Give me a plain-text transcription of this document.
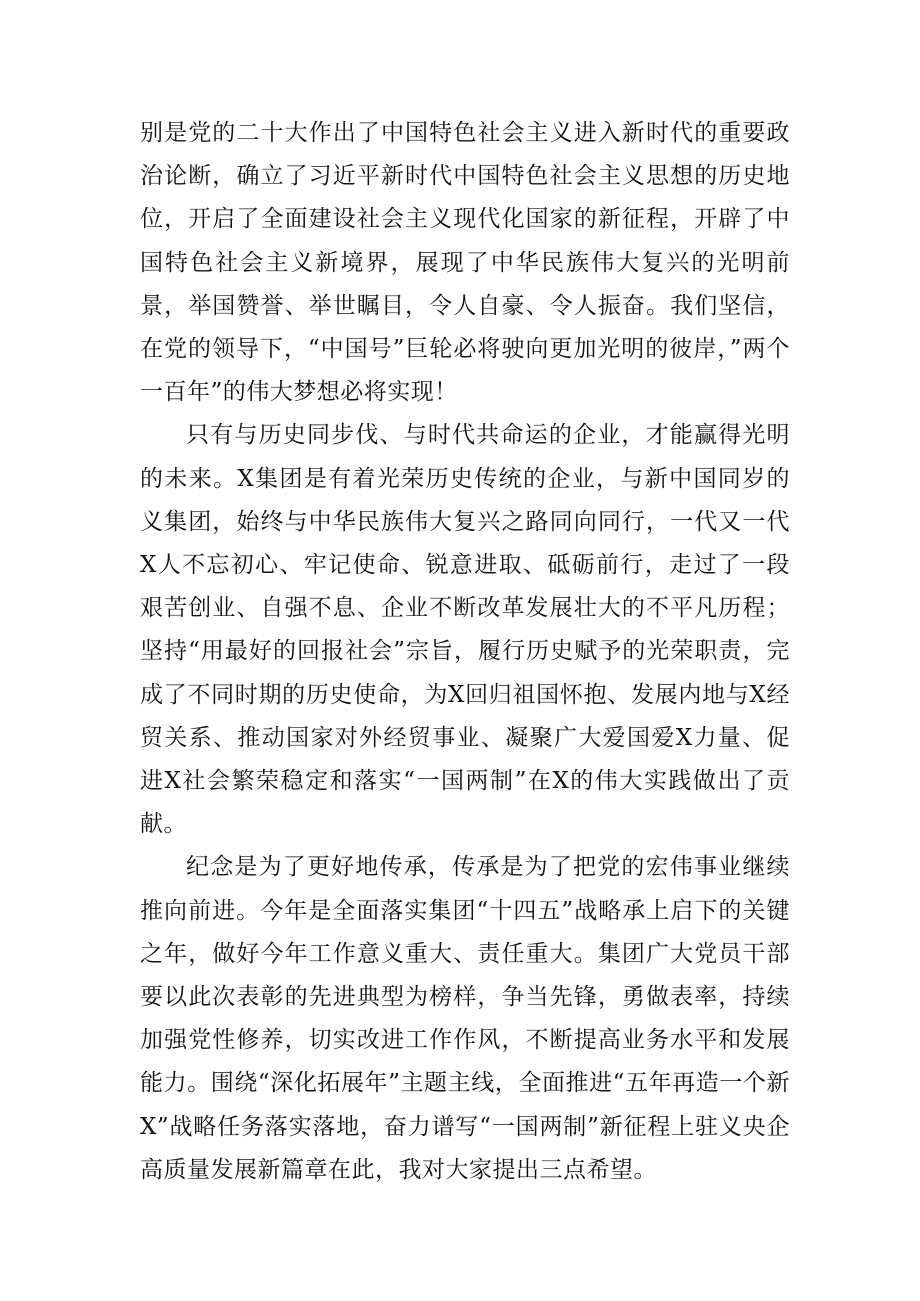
别是党的二十大作出了中国特色社会主义进入新时代的重要政治论断，确立了习近平新时代中国特色社会主义思想的历史地位，开启了全面建设社会主义现代化国家的新征程，开辟了中国特色社会主义新境界，展现了中华民族伟大复兴的光明前景，举国赞誉、举世瞩目，令人自豪、令人振奋。我们坚信，在党的领导下，“中国号”巨轮必将驶向更加光明的彼岸，”两个一百年”的伟大梦想必将实现！

只有与历史同步伐、与时代共命运的企业，才能赢得光明的未来。X集团是有着光荣历史传统的企业，与新中国同岁的义集团，始终与中华民族伟大复兴之路同向同行，一代又一代X人不忘初心、牢记使命、锐意进取、砥砺前行，走过了一段艰苦创业、自强不息、企业不断改革发展壮大的不平凡历程；坚持“用最好的回报社会”宗旨，履行历史赋予的光荣职责，完成了不同时期的历史使命，为X回归祖国怀抱、发展内地与X经贸关系、推动国家对外经贸事业、凝聚广大爱国爱X力量、促进X社会繁荣稳定和落实“一国两制”在X的伟大实践做出了贡献。

纪念是为了更好地传承，传承是为了把党的宏伟事业继续推向前进。今年是全面落实集团“十四五”战略承上启下的关键之年，做好今年工作意义重大、责任重大。集团广大党员干部要以此次表彰的先进典型为榜样，争当先锋，勇做表率，持续加强党性修养，切实改进工作作风，不断提高业务水平和发展能力。围绕“深化拓展年”主题主线，全面推进“五年再造一个新X”战略任务落实落地，奋力谱写“一国两制”新征程上驻义央企高质量发展新篇章在此，我对大家提出三点希望。
